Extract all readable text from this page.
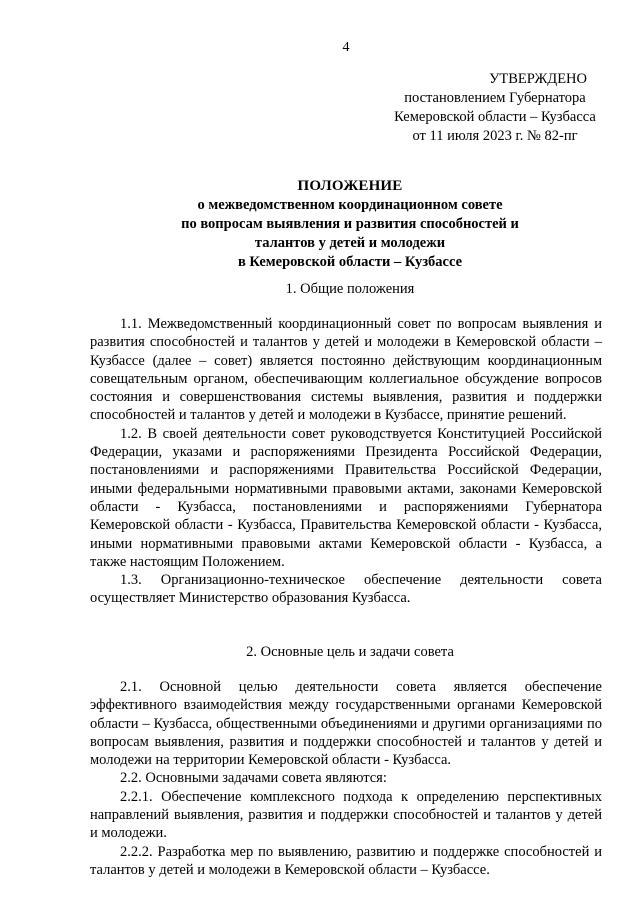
4
УТВЕРЖДЕНО
постановлением Губернатора
Кемеровской области – Кузбасса
от 11 июля 2023 г. № 82-пг
ПОЛОЖЕНИЕ
о межведомственном координационном совете
по вопросам выявления и развития способностей и
талантов у детей и молодежи
в Кемеровской области – Кузбассе
1. Общие положения

1.1. Межведомственный координационный совет по вопросам выявления и развития способностей и талантов у детей и молодежи в Кемеровской области – Кузбассе (далее – совет) является постоянно действующим координационным совещательным органом, обеспечивающим коллегиальное обсуждение вопросов состояния и совершенствования системы выявления, развития и поддержки способностей и талантов у детей и молодежи в Кузбассе, принятие решений.

1.2. В своей деятельности совет руководствуется Конституцией Российской Федерации, указами и распоряжениями Президента Российской Федерации, постановлениями и распоряжениями Правительства Российской Федерации, иными федеральными нормативными правовыми актами, законами Кемеровской области - Кузбасса, постановлениями и распоряжениями Губернатора Кемеровской области - Кузбасса, Правительства Кемеровской области - Кузбасса, иными нормативными правовыми актами Кемеровской области - Кузбасса, а также настоящим Положением.

1.3. Организационно-техническое обеспечение деятельности совета осуществляет Министерство образования Кузбасса.

2. Основные цель и задачи совета

2.1. Основной целью деятельности совета является обеспечение эффективного взаимодействия между государственными органами Кемеровской области – Кузбасса, общественными объединениями и другими организациями по вопросам выявления, развития и поддержки способностей и талантов у детей и молодежи на территории Кемеровской области - Кузбасса.

2.2. Основными задачами совета являются:

2.2.1. Обеспечение комплексного подхода к определению перспективных направлений выявления, развития и поддержки способностей и талантов у детей и молодежи.

2.2.2. Разработка мер по выявлению, развитию и поддержке способностей и талантов у детей и молодежи в Кемеровской области – Кузбассе.
